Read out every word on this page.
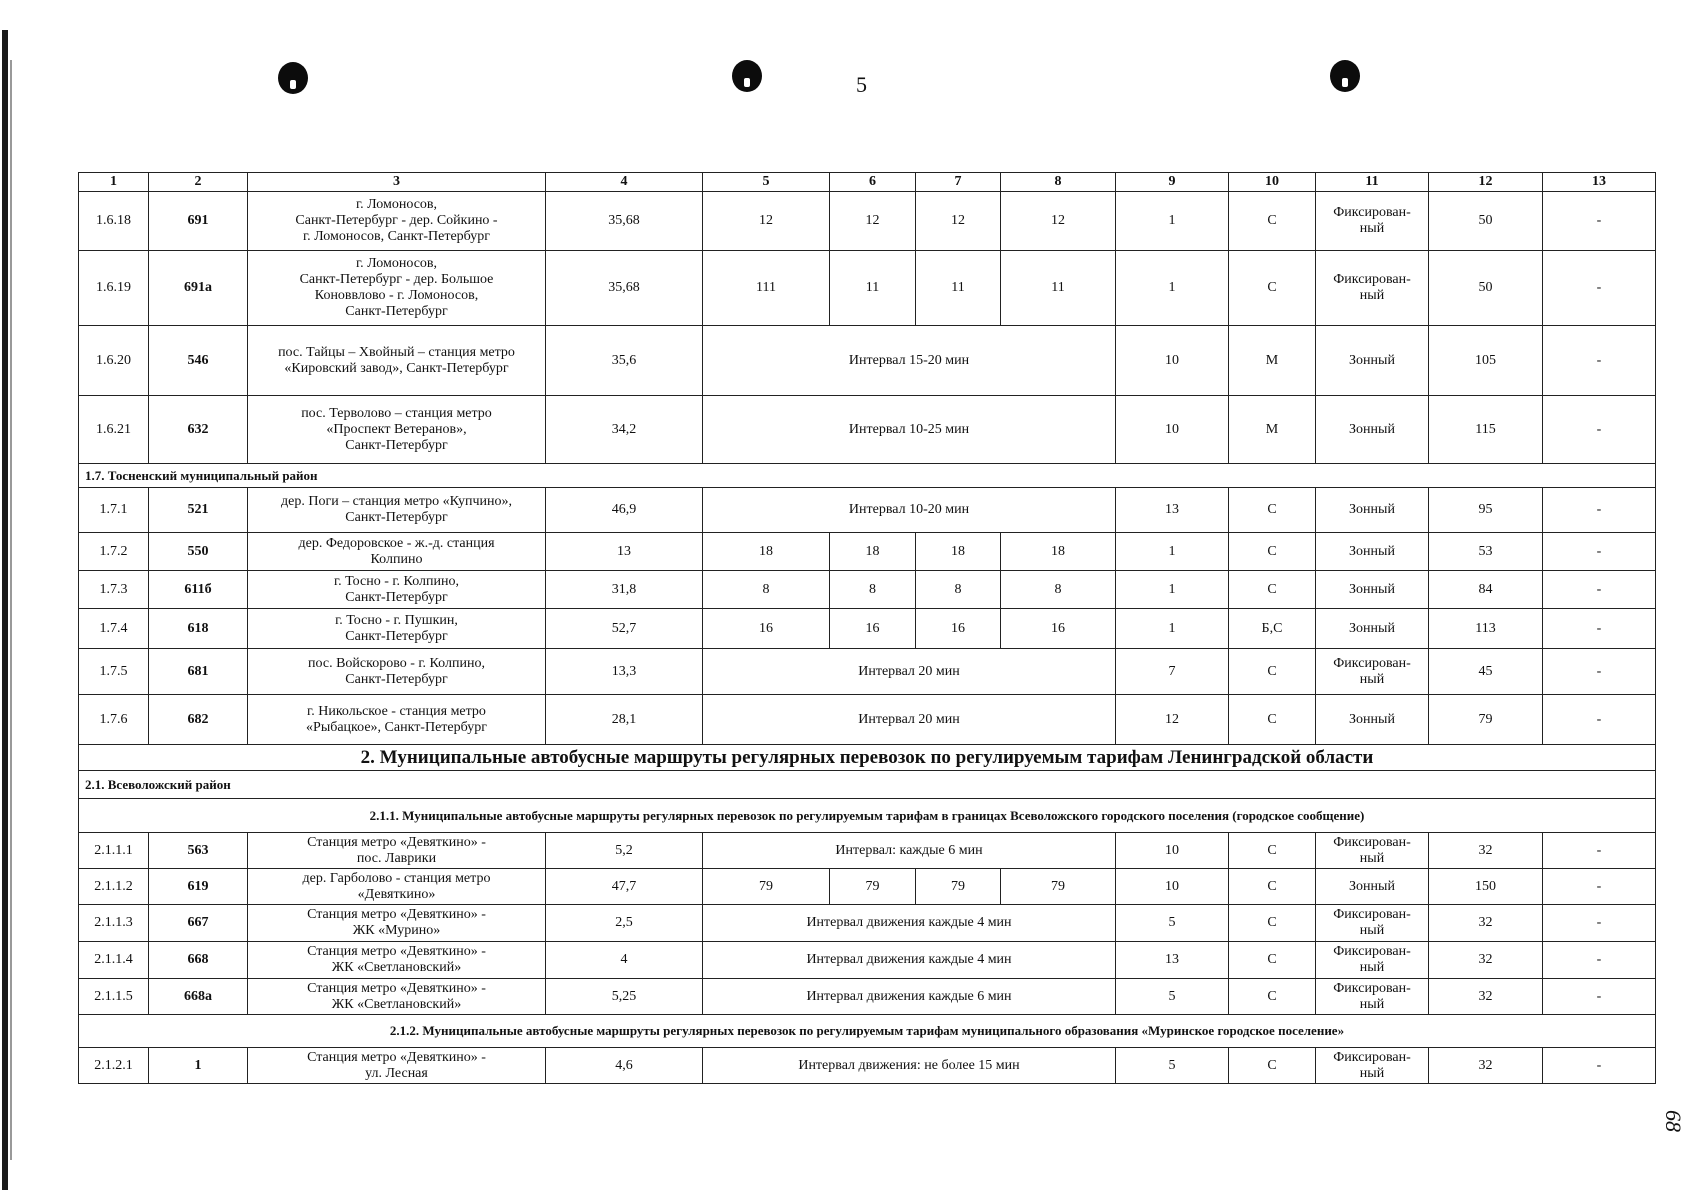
5
68
1	2	3	4	5	6	7	8	9	10	11	12	13
1.6.18	691	г. Ломоносов,
Санкт-Петербург - дер. Сойкино -
г. Ломоносов, Санкт-Петербург	35,68	12	12	12	12	1	С	Фиксирован-
ный	50	-
1.6.19	691а	г. Ломоносов,
Санкт-Петербург - дер. Большое
Коноввлово - г. Ломоносов,
Санкт-Петербург	35,68	111	11	11	11	1	С	Фиксирован-
ный	50	-
1.6.20	546	пос. Тайцы – Хвойный – станция метро
«Кировский завод», Санкт-Петербург	35,6	Интервал 15-20 мин				10	М	Зонный	105	-
1.6.21	632	пос. Терволово – станция метро
«Проспект Ветеранов»,
Санкт-Петербург	34,2	Интервал 10-25 мин				10	М	Зонный	115	-
1.7. Тосненский муниципальный район												
1.7.1	521	дер. Поги – станция метро «Купчино»,
Санкт-Петербург	46,9	Интервал 10-20 мин				13	С	Зонный	95	-
1.7.2	550	дер. Федоровское - ж.-д. станция
Колпино	13	18	18	18	18	1	С	Зонный	53	-
1.7.3	611б	г. Тосно - г. Колпино,
Санкт-Петербург	31,8	8	8	8	8	1	С	Зонный	84	-
1.7.4	618	г. Тосно - г. Пушкин,
Санкт-Петербург	52,7	16	16	16	16	1	Б,С	Зонный	113	-
1.7.5	681	пос. Войскорово - г. Колпино,
Санкт-Петербург	13,3	Интервал 20 мин				7	С	Фиксирован-
ный	45	-
1.7.6	682	г. Никольское - станция метро
«Рыбацкое», Санкт-Петербург	28,1	Интервал 20 мин				12	С	Зонный	79	-
2. Муниципальные автобусные маршруты регулярных перевозок по регулируемым тарифам Ленинградской области												
2.1. Всеволожский район												
2.1.1. Муниципальные автобусные маршруты регулярных перевозок по регулируемым тарифам в границах Всеволожского городского поселения (городское сообщение)												
2.1.1.1	563	Станция метро «Девяткино» -
пос. Лаврики	5,2	Интервал: каждые 6 мин				10	С	Фиксирован-
ный	32	-
2.1.1.2	619	дер. Гарболово - станция метро
«Девяткино»	47,7	79	79	79	79	10	С	Зонный	150	-
2.1.1.3	667	Станция метро «Девяткино» -
ЖК «Мурино»	2,5	Интервал движения каждые 4 мин				5	С	Фиксирован-
ный	32	-
2.1.1.4	668	Станция метро «Девяткино» -
ЖК «Светлановский»	4	Интервал движения каждые 4 мин				13	С	Фиксирован-
ный	32	-
2.1.1.5	668а	Станция метро «Девяткино» -
ЖК «Светлановский»	5,25	Интервал движения каждые 6 мин				5	С	Фиксирован-
ный	32	-
2.1.2. Муниципальные автобусные маршруты регулярных перевозок по регулируемым тарифам муниципального образования «Муринское городское поселение»												
2.1.2.1	1	Станция метро «Девяткино» -
ул. Лесная	4,6	Интервал движения: не более 15 мин				5	С	Фиксирован-
ный	32	-
